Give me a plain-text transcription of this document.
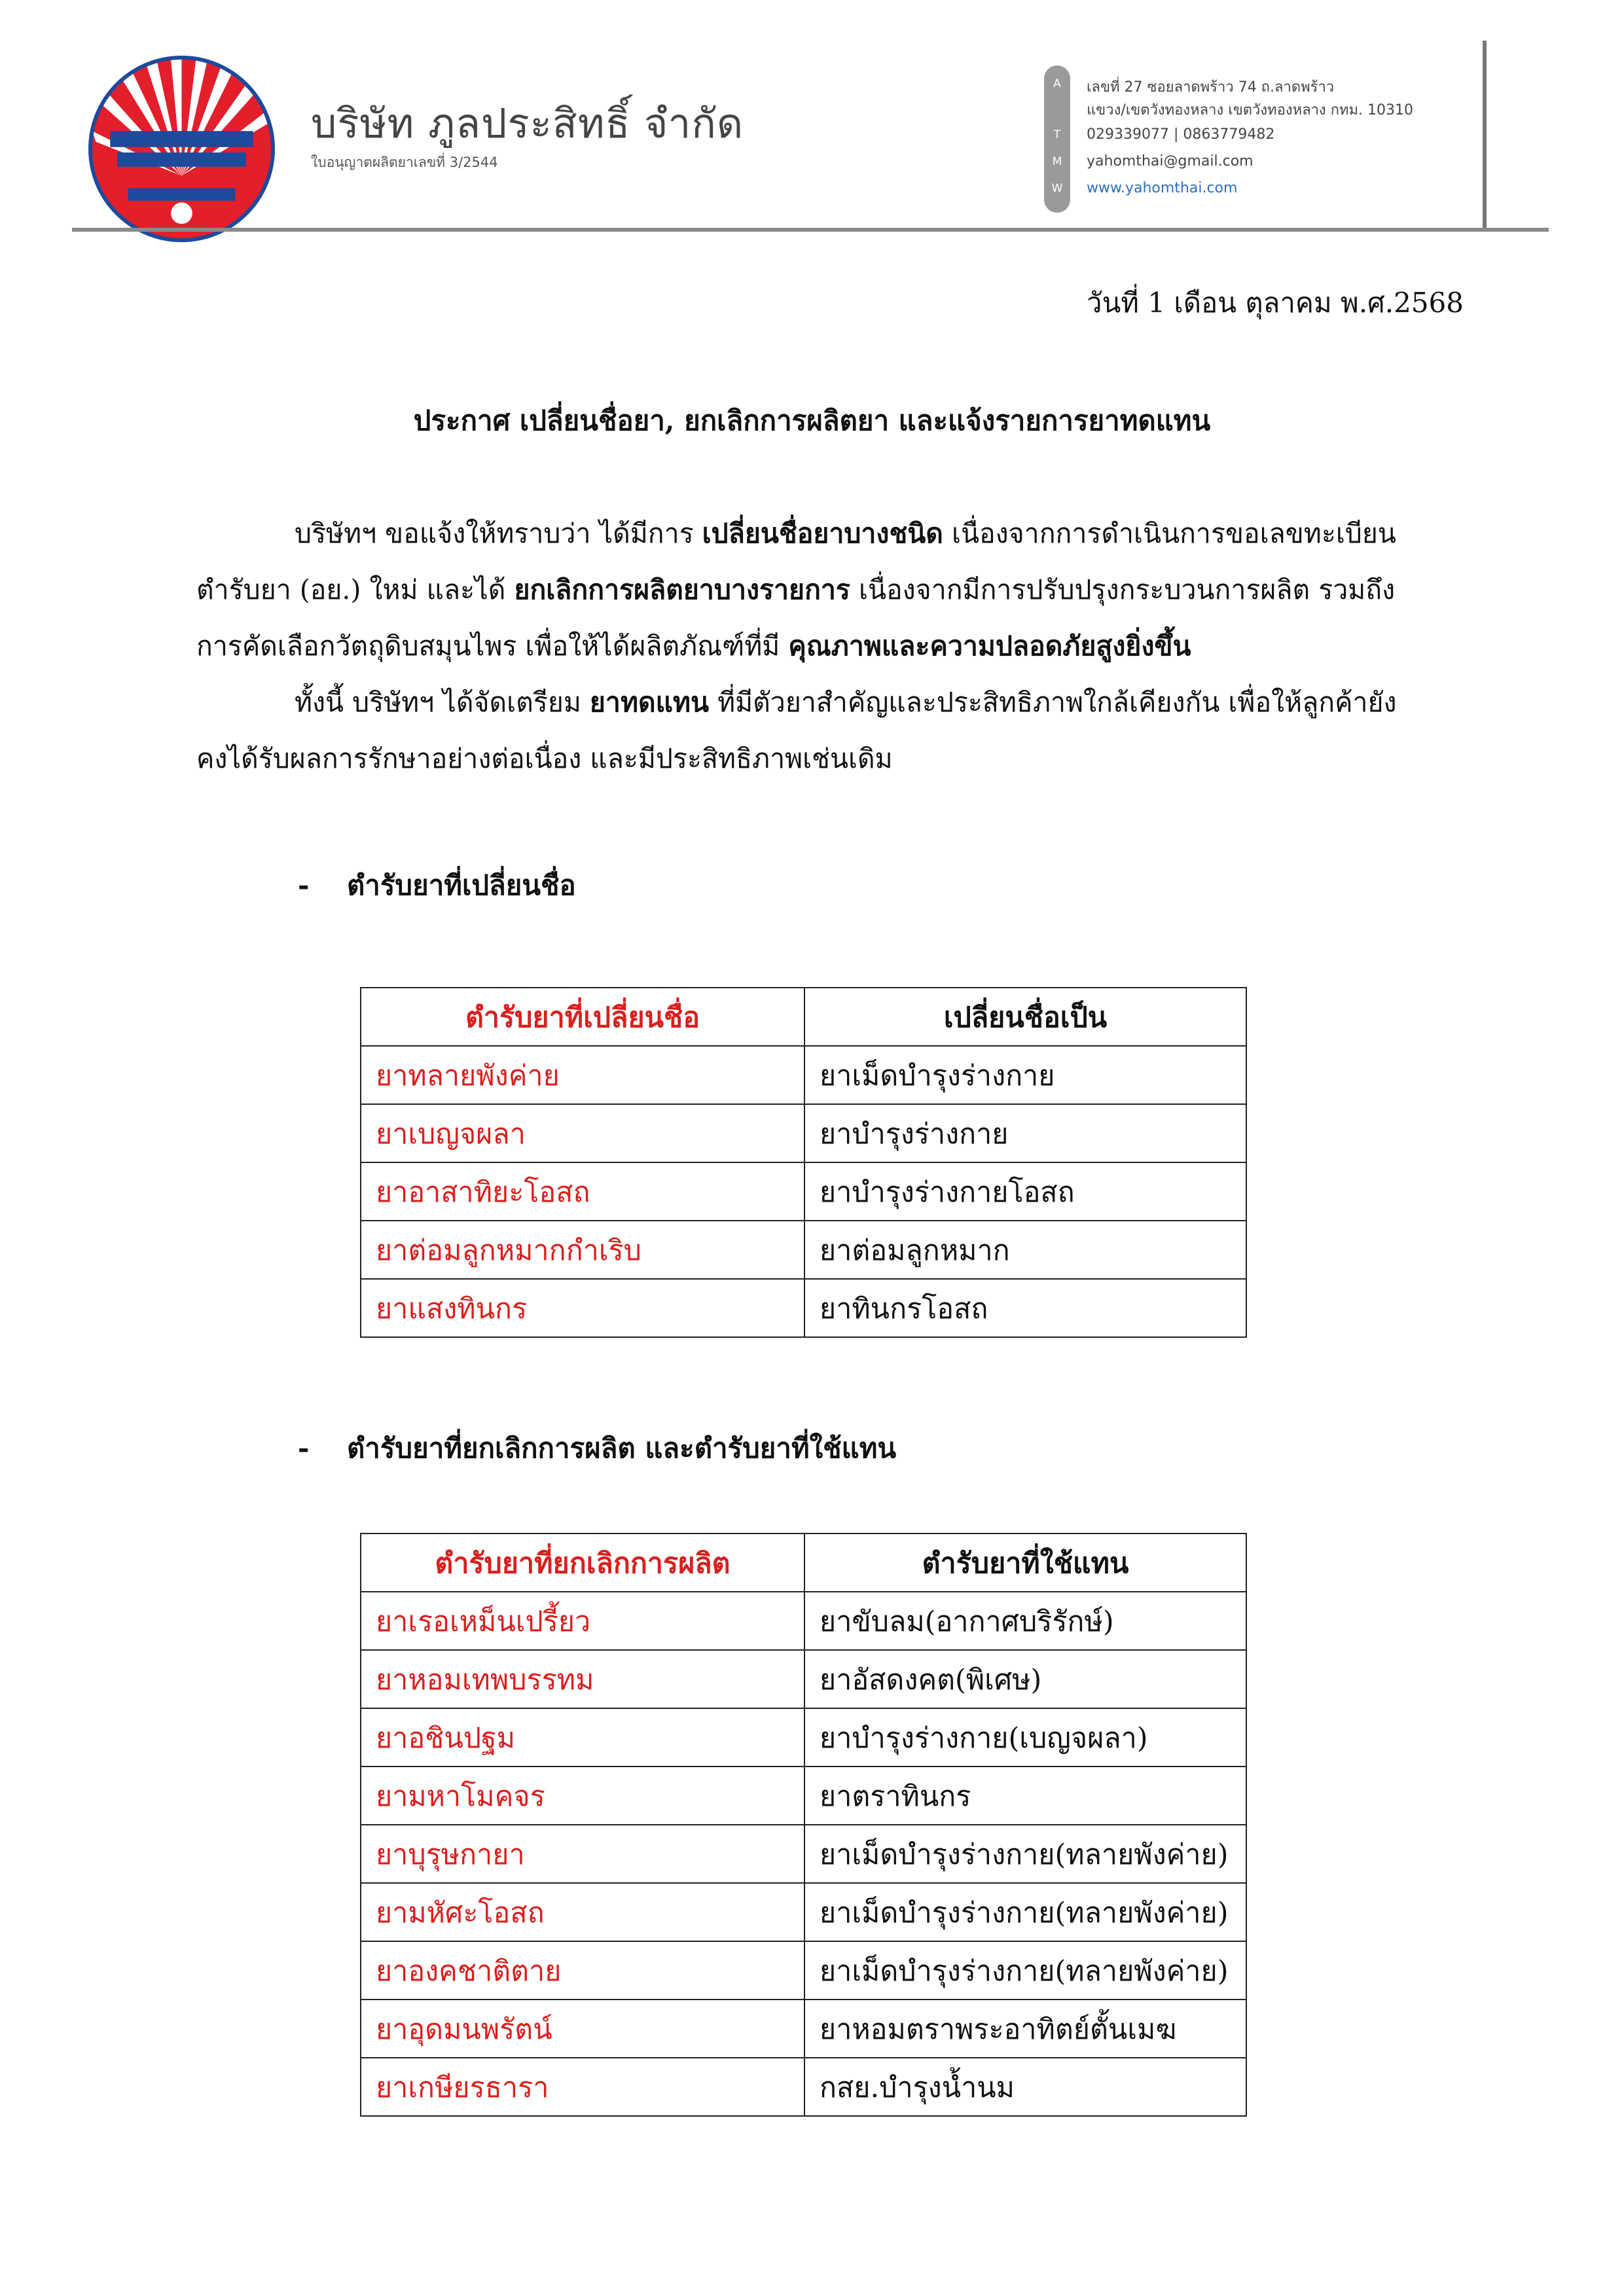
บริษัท ภูลประสิทธิ์ จำกัด
ใบอนุญาตผลิตยาเลขที่ 3/2544
A
T
M
W
เลขที่ 27 ซอยลาดพร้าว 74 ถ.ลาดพร้าว
แขวง/เขตวังทองหลาง เขตวังทองหลาง กทม. 10310
029339077 | 0863779482
yahomthai@gmail.com
www.yahomthai.com
วันที่ 1 เดือน ตุลาคม พ.ศ.2568
ประกาศ เปลี่ยนชื่อยา, ยกเลิกการผลิตยา และแจ้งรายการยาทดแทน
บริษัทฯ ขอแจ้งให้ทราบว่า ได้มีการ เปลี่ยนชื่อยาบางชนิด เนื่องจากการดำเนินการขอเลขทะเบียนตำรับยา (อย.) ใหม่ และได้ ยกเลิกการผลิตยาบางรายการ เนื่องจากมีการปรับปรุงกระบวนการผลิต รวมถึงการคัดเลือกวัตถุดิบสมุนไพร เพื่อให้ได้ผลิตภัณฑ์ที่มี คุณภาพและความปลอดภัยสูงยิ่งขึ้น
ทั้งนี้ บริษัทฯ ได้จัดเตรียม ยาทดแทน ที่มีตัวยาสำคัญและประสิทธิภาพใกล้เคียงกัน เพื่อให้ลูกค้ายังคงได้รับผลการรักษาอย่างต่อเนื่อง และมีประสิทธิภาพเช่นเดิม
- ตำรับยาที่เปลี่ยนชื่อ
ตำรับยาที่เปลี่ยนชื่อ	เปลี่ยนชื่อเป็น
ยาทลายพังค่าย	ยาเม็ดบำรุงร่างกาย
ยาเบญจผลา	ยาบำรุงร่างกาย
ยาอาสาทิยะโอสถ	ยาบำรุงร่างกายโอสถ
ยาต่อมลูกหมากกำเริบ	ยาต่อมลูกหมาก
ยาแสงทินกร	ยาทินกรโอสถ
- ตำรับยาที่ยกเลิกการผลิต และตำรับยาที่ใช้แทน
ตำรับยาที่ยกเลิกการผลิต	ตำรับยาที่ใช้แทน
ยาเรอเหม็นเปรี้ยว	ยาขับลม(อากาศบริรักษ์)
ยาหอมเทพบรรทม	ยาอัสดงคต(พิเศษ)
ยาอชินปฐม	ยาบำรุงร่างกาย(เบญจผลา)
ยามหาโมคจร	ยาตราทินกร
ยาบุรุษกายา	ยาเม็ดบำรุงร่างกาย(ทลายพังค่าย)
ยามหัศะโอสถ	ยาเม็ดบำรุงร่างกาย(ทลายพังค่าย)
ยาองคชาติตาย	ยาเม็ดบำรุงร่างกาย(ทลายพังค่าย)
ยาอุดมนพรัตน์	ยาหอมตราพระอาทิตย์ตั้นเมฆ
ยาเกษียรธารา	กสย.บำรุงน้ำนม
